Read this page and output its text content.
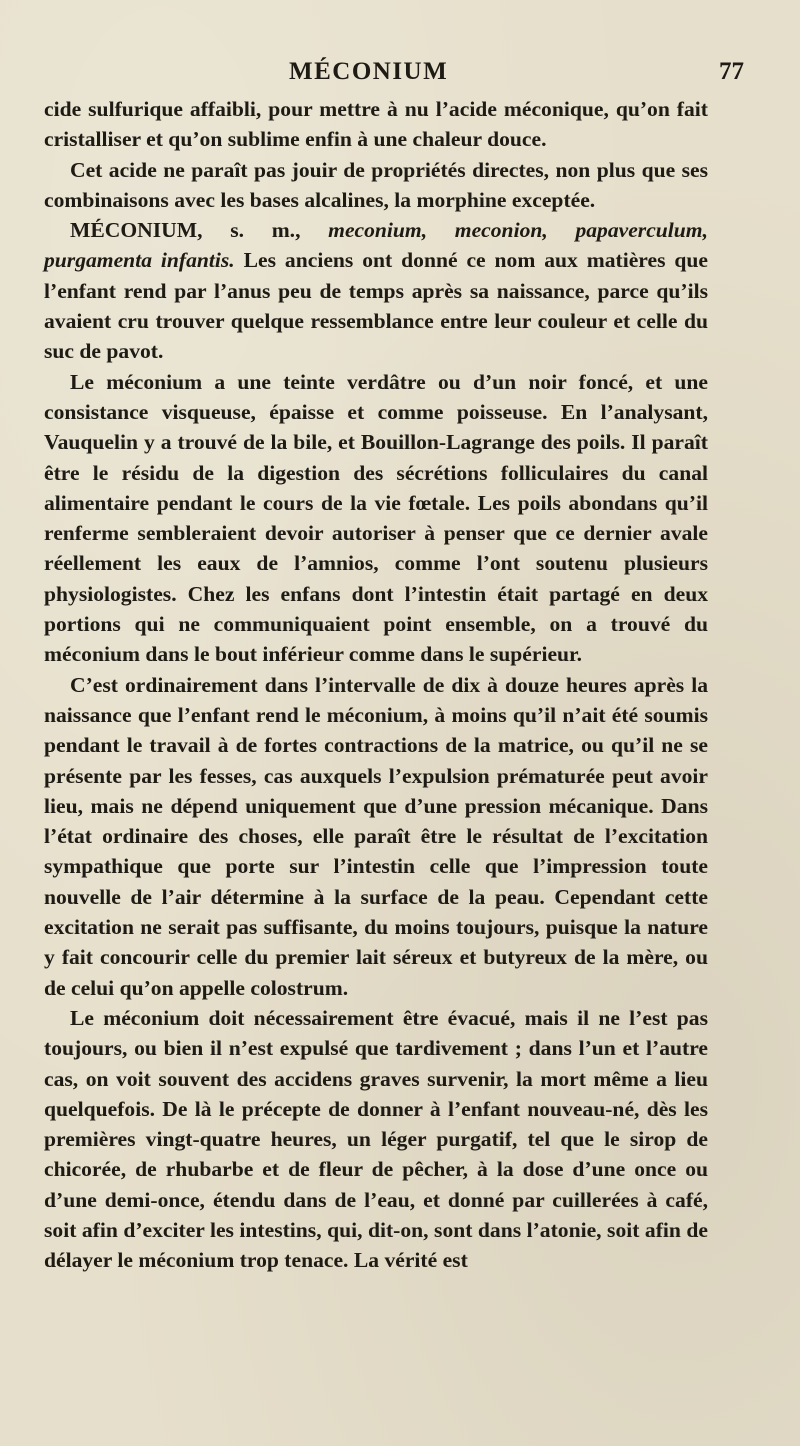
MÉCONIUM	77

cide sulfurique affaibli, pour mettre à nu l’acide méconique, qu’on fait cristalliser et qu’on sublime enfin à une chaleur douce.

Cet acide ne paraît pas jouir de propriétés directes, non plus que ses combinaisons avec les bases alcalines, la morphine exceptée.

MÉCONIUM, s. m., meconium, meconion, papaverculum, purgamenta infantis. Les anciens ont donné ce nom aux matières que l’enfant rend par l’anus peu de temps après sa naissance, parce qu’ils avaient cru trouver quelque ressemblance entre leur couleur et celle du suc de pavot.

Le méconium a une teinte verdâtre ou d’un noir foncé, et une consistance visqueuse, épaisse et comme poisseuse. En l’analysant, Vauquelin y a trouvé de la bile, et Bouillon-Lagrange des poils. Il paraît être le résidu de la digestion des sécrétions folliculaires du canal alimentaire pendant le cours de la vie fœtale. Les poils abondans qu’il renferme sembleraient devoir autoriser à penser que ce dernier avale réellement les eaux de l’amnios, comme l’ont soutenu plusieurs physiologistes. Chez les enfans dont l’intestin était partagé en deux portions qui ne communiquaient point ensemble, on a trouvé du méconium dans le bout inférieur comme dans le supérieur.

C’est ordinairement dans l’intervalle de dix à douze heures après la naissance que l’enfant rend le méconium, à moins qu’il n’ait été soumis pendant le travail à de fortes contractions de la matrice, ou qu’il ne se présente par les fesses, cas auxquels l’expulsion prématurée peut avoir lieu, mais ne dépend uniquement que d’une pression mécanique. Dans l’état ordinaire des choses, elle paraît être le résultat de l’excitation sympathique que porte sur l’intestin celle que l’impression toute nouvelle de l’air détermine à la surface de la peau. Cependant cette excitation ne serait pas suffisante, du moins toujours, puisque la nature y fait concourir celle du premier lait séreux et butyreux de la mère, ou de celui qu’on appelle colostrum.

Le méconium doit nécessairement être évacué, mais il ne l’est pas toujours, ou bien il n’est expulsé que tardivement ; dans l’un et l’autre cas, on voit souvent des accidens graves survenir, la mort même a lieu quelquefois. De là le précepte de donner à l’enfant nouveau-né, dès les premières vingt-quatre heures, un léger purgatif, tel que le sirop de chicorée, de rhubarbe et de fleur de pêcher, à la dose d’une once ou d’une demi-once, étendu dans de l’eau, et donné par cuillerées à café, soit afin d’exciter les intestins, qui, dit-on, sont dans l’atonie, soit afin de délayer le méconium trop tenace. La vérité est
